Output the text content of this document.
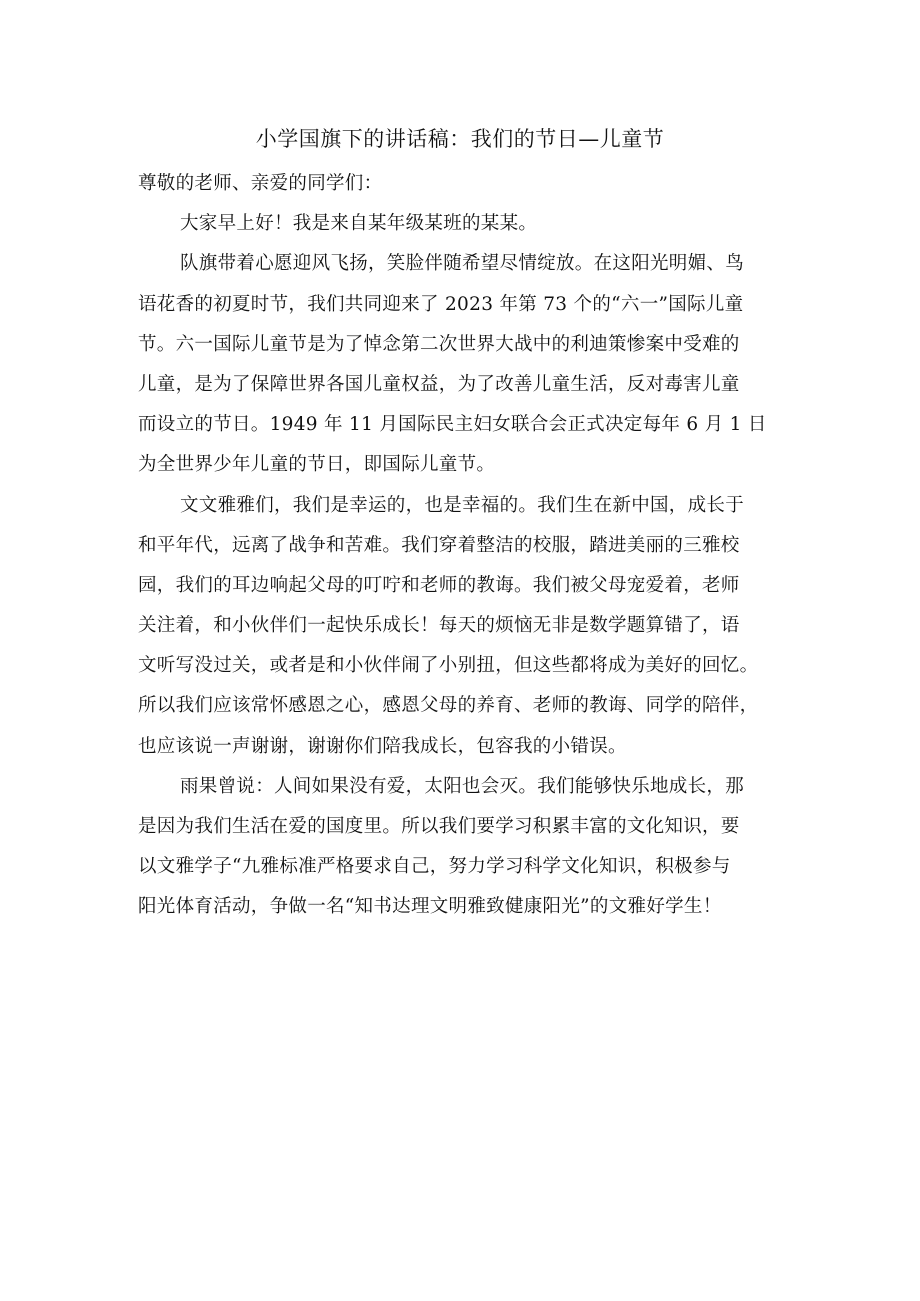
小学国旗下的讲话稿：我们的节日—儿童节
尊敬的老师、亲爱的同学们：
大家早上好！我是来自某年级某班的某某。
队旗带着心愿迎风飞扬，笑脸伴随希望尽情绽放。在这阳光明媚、鸟
语花香的初夏时节，我们共同迎来了 2023 年第 73 个的“六一”国际儿童
节。六一国际儿童节是为了悼念第二次世界大战中的利迪策惨案中受难的
儿童，是为了保障世界各国儿童权益，为了改善儿童生活，反对毒害儿童
而设立的节日。1949 年 11 月国际民主妇女联合会正式决定每年 6 月 1 日
为全世界少年儿童的节日，即国际儿童节。
文文雅雅们，我们是幸运的，也是幸福的。我们生在新中国，成长于
和平年代，远离了战争和苦难。我们穿着整洁的校服，踏进美丽的三雅校
园，我们的耳边响起父母的叮咛和老师的教诲。我们被父母宠爱着，老师
关注着，和小伙伴们一起快乐成长！每天的烦恼无非是数学题算错了，语
文听写没过关，或者是和小伙伴闹了小别扭，但这些都将成为美好的回忆。
所以我们应该常怀感恩之心，感恩父母的养育、老师的教诲、同学的陪伴，
也应该说一声谢谢，谢谢你们陪我成长，包容我的小错误。
雨果曾说：人间如果没有爱，太阳也会灭。我们能够快乐地成长，那
是因为我们生活在爱的国度里。所以我们要学习积累丰富的文化知识，要
以文雅学子“九雅标准严格要求自己，努力学习科学文化知识，积极参与
阳光体育活动，争做一名“知书达理文明雅致健康阳光”的文雅好学生！
